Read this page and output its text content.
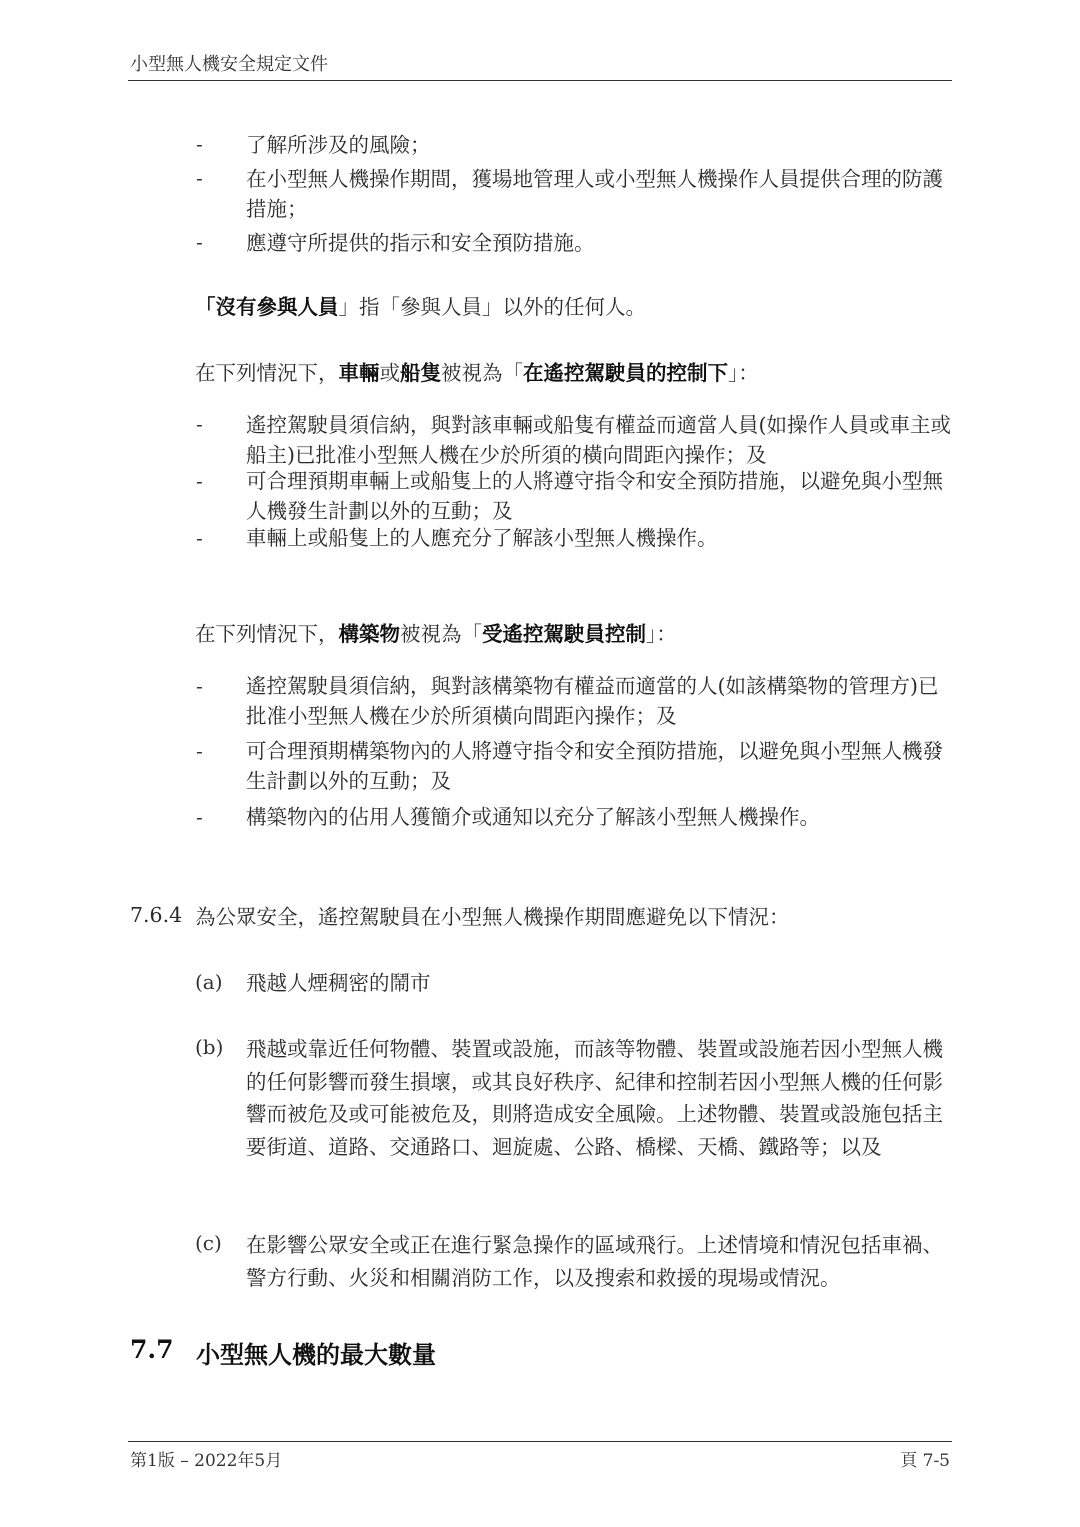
小型無人機安全規定文件
- 了解所涉及的風險；
- 在小型無人機操作期間，獲場地管理人或小型無人機操作人員提供合理的防護措施；
- 應遵守所提供的指示和安全預防措施。
「沒有參與人員」指「參與人員」以外的任何人。
在下列情況下，車輛或船隻被視為「在遙控駕駛員的控制下」：
- 遙控駕駛員須信納，與對該車輛或船隻有權益而適當人員(如操作人員或車主或船主)已批准小型無人機在少於所須的橫向間距內操作；及
- 可合理預期車輛上或船隻上的人將遵守指令和安全預防措施，以避免與小型無人機發生計劃以外的互動；及
- 車輛上或船隻上的人應充分了解該小型無人機操作。
在下列情況下，構築物被視為「受遙控駕駛員控制」：
- 遙控駕駛員須信納，與對該構築物有權益而適當的人(如該構築物的管理方)已批准小型無人機在少於所須橫向間距內操作；及
- 可合理預期構築物內的人將遵守指令和安全預防措施，以避免與小型無人機發生計劃以外的互動；及
- 構築物內的佔用人獲簡介或通知以充分了解該小型無人機操作。
7.6.4 為公眾安全，遙控駕駛員在小型無人機操作期間應避免以下情況：
(a) 飛越人煙稠密的鬧市
(b) 飛越或靠近任何物體、裝置或設施，而該等物體、裝置或設施若因小型無人機的任何影響而發生損壞，或其良好秩序、紀律和控制若因小型無人機的任何影響而被危及或可能被危及，則將造成安全風險。上述物體、裝置或設施包括主要街道、道路、交通路口、迴旋處、公路、橋樑、天橋、鐵路等；以及
(c) 在影響公眾安全或正在進行緊急操作的區域飛行。上述情境和情況包括車禍、警方行動、火災和相關消防工作，以及搜索和救援的現場或情況。
7.7 小型無人機的最大數量
第1版 – 2022年5月	頁 7-5
